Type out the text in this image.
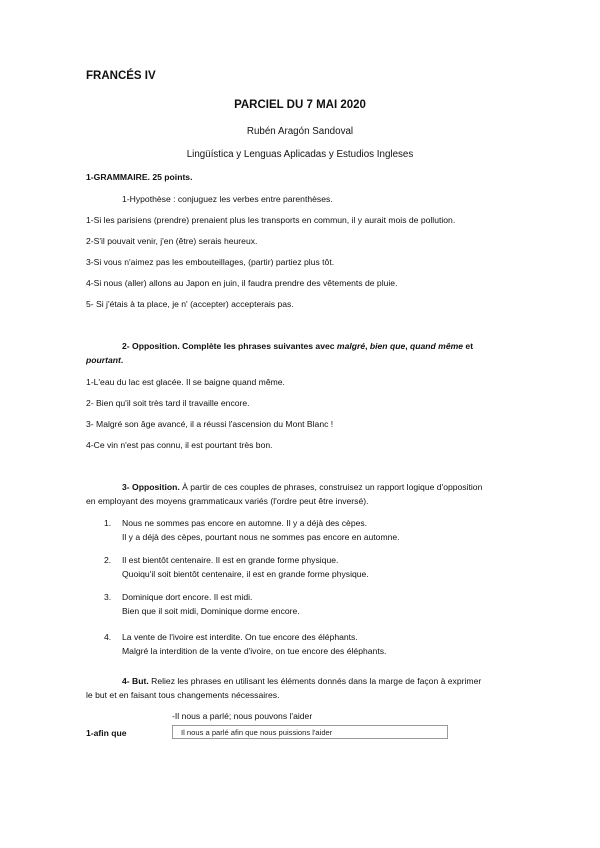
FRANCÉS IV
PARCIEL DU 7 MAI 2020
Rubén Aragón Sandoval
Lingüística y Lenguas Aplicadas y Estudios Ingleses
1-GRAMMAIRE. 25 points.
1-Hypothèse : conjuguez les verbes entre parenthèses.
1-Si les parisiens (prendre) prenaient plus les transports en commun, il y aurait mois de pollution.
2-S'il pouvait venir, j'en (être) serais heureux.
3-Si vous n'aimez pas les embouteillages, (partir) partiez plus tôt.
4-Si nous (aller) allons au Japon en juin, il faudra prendre des vêtements de pluie.
5- Si j'étais à ta place, je n' (accepter) accepterais pas.
2- Opposition. Complète les phrases suivantes avec malgré, bien que, quand même et
pourtant.
1-L'eau du lac est glacée. Il se baigne quand même.
2- Bien qu'il soit très tard il travaille encore.
3- Malgré son âge avancé, il a réussi l'ascension du Mont Blanc !
4-Ce vin n'est pas connu, il est pourtant très bon.
3- Opposition. À partir de ces couples de phrases, construisez un rapport logique d'opposition
en employant des moyens grammaticaux variés (l'ordre peut être inversé).
1. Nous ne sommes pas encore en automne. Il y a déjà des cèpes.
Il y a déjà des cèpes, pourtant nous ne sommes pas encore en automne.
2. Il est bientôt centenaire. Il est en grande forme physique.
Quoiqu'il soit bientôt centenaire, il est en grande forme physique.
3. Dominique dort encore. Il est midi.
Bien que il soit midi, Dominique dorme encore.
4. La vente de l'ivoire est interdite. On tue encore des éléphants.
Malgré la interdition de la vente d'ivoire, on tue encore des éléphants.
4- But. Reliez les phrases en utilisant les éléments donnés dans la marge de façon à exprimer
le but et en faisant tous changements nécessaires.
-Il nous a parlé; nous pouvons l'aider
1-afin que	Il nous a parlé afin que nous puissions l'aider
